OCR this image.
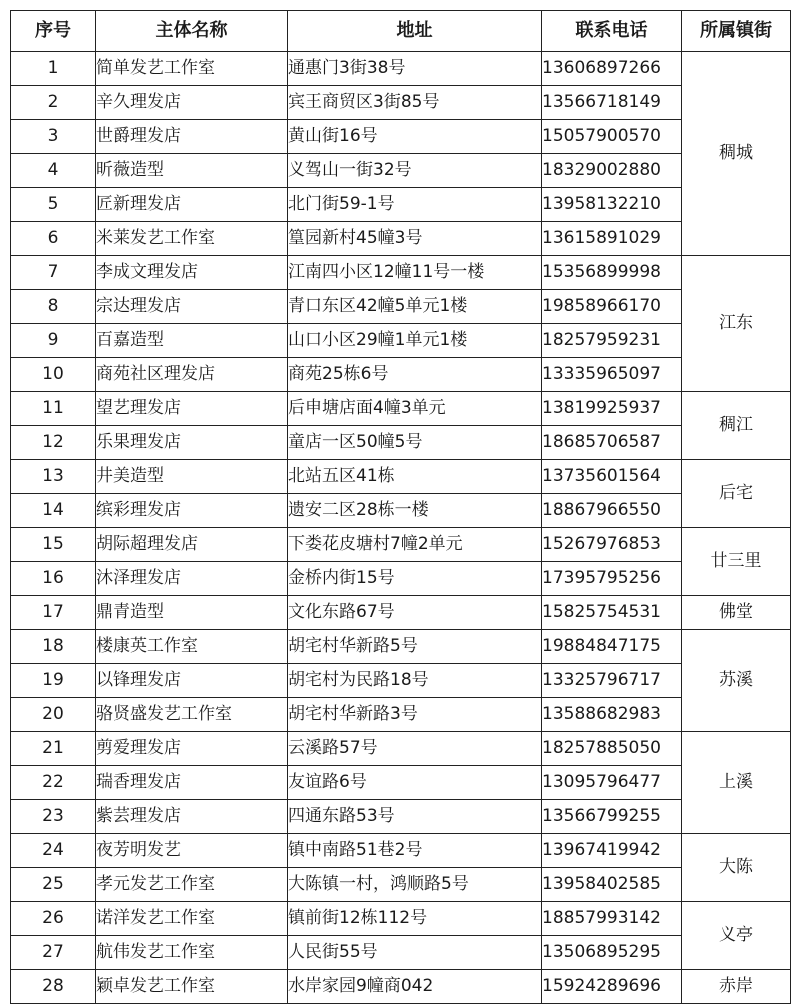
序号	主体名称	地址	联系电话	所属镇街
1	简单发艺工作室	通惠门3街38号	13606897266	稠城
2	辛久理发店	宾王商贸区3街85号	13566718149	
3	世爵理发店	黄山街16号	15057900570	
4	昕薇造型	义驾山一街32号	18329002880	
5	匠新理发店	北门街59-1号	13958132210	
6	米莱发艺工作室	篁园新村45幢3号	13615891029	
7	李成文理发店	江南四小区12幢11号一楼	15356899998	江东
8	宗达理发店	青口东区42幢5单元1楼	19858966170	
9	百嘉造型	山口小区29幢1单元1楼	18257959231	
10	商苑社区理发店	商苑25栋6号	13335965097	
11	望艺理发店	后申塘店面4幢3单元	13819925937	稠江
12	乐果理发店	童店一区50幢5号	18685706587	
13	井美造型	北站五区41栋	13735601564	后宅
14	缤彩理发店	遗安二区28栋一楼	18867966550	
15	胡际超理发店	下娄花皮塘村7幢2单元	15267976853	廿三里
16	沐泽理发店	金桥内街15号	17395795256	
17	鼎青造型	文化东路67号	15825754531	佛堂
18	楼康英工作室	胡宅村华新路5号	19884847175	苏溪
19	以锋理发店	胡宅村为民路18号	13325796717	
20	骆贤盛发艺工作室	胡宅村华新路3号	13588682983	
21	剪爱理发店	云溪路57号	18257885050	上溪
22	瑞香理发店	友谊路6号	13095796477	
23	紫芸理发店	四通东路53号	13566799255	
24	夜芳明发艺	镇中南路51巷2号	13967419942	大陈
25	孝元发艺工作室	大陈镇一村，鸿顺路5号	13958402585	
26	诺洋发艺工作室	镇前街12栋112号	18857993142	义亭
27	航伟发艺工作室	人民街55号	13506895295	
28	颖卓发艺工作室	水岸家园9幢商042	15924289696	赤岸
